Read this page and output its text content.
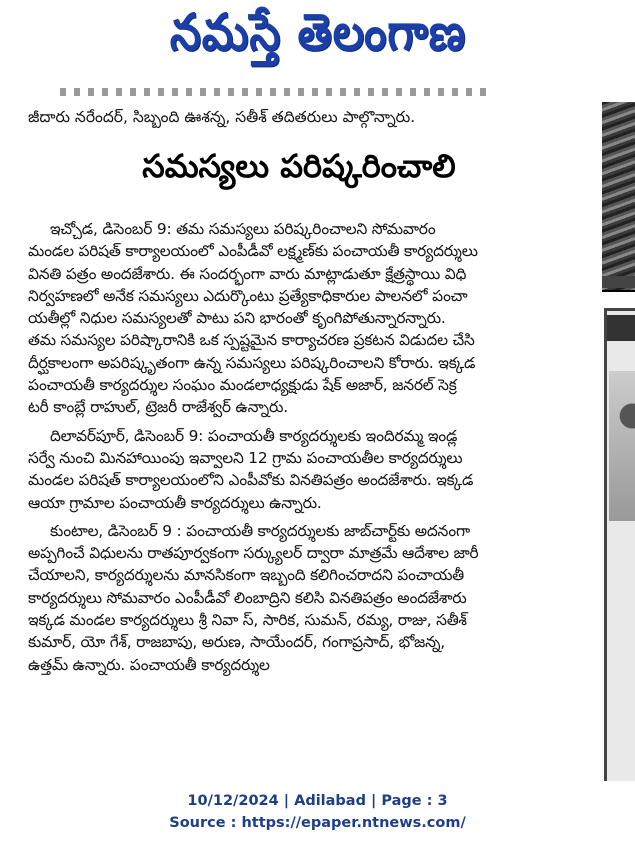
నమస్తే తెలంగాణ
జీదారు నరేందర్, సిబ్బంది ఊశన్న, సతీశ్ తదితరులు పాల్గొన్నారు.
సమస్యలు పరిష్కరించాలి
ఇచ్చోడ, డిసెంబర్ 9: తమ సమస్యలు పరిష్కరించాలని సోమవారం
మండల పరిషత్ కార్యాలయంలో ఎంపీడీవో లక్ష్మణ్‌కు పంచాయతీ కార్యదర్శులు
వినతి పత్రం అందజేశారు. ఈ సందర్భంగా వారు మాట్లాడుతూ క్షేత్రస్థాయి విధి
నిర్వహణలో అనేక సమస్యలు ఎదుర్కొంటు ప్రత్యేకాధికారుల పాలనలో పంచా
యతీల్లో నిధుల సమస్యలతో పాటు పని భారంతో కృంగిపోతున్నారన్నారు.
తమ సమస్యల పరిష్కారానికి ఒక స్పష్టమైన కార్యాచరణ ప్రకటన విడుదల చేసి
దీర్ఘకాలంగా అపరిష్కృతంగా ఉన్న సమస్యలు పరిష్కరించాలని కోరారు. ఇక్కడ
పంచాయతీ కార్యదర్శుల సంఘం మండలాధ్యక్షుడు షేక్ అజార్, జనరల్ సెక్ర
టరీ కాంబ్లే రాహుల్, ట్రెజరీ రాజేశ్వర్ ఉన్నారు.
దిలావర్‌పూర్, డిసెంబర్ 9: పంచాయతీ కార్యదర్శులకు ఇందిరమ్మ ఇండ్ల
సర్వే నుంచి మినహాయింపు ఇవ్వాలని 12 గ్రామ పంచాయతీల కార్యదర్శులు
మండల పరిషత్ కార్యాలయంలోని ఎంపీవోకు వినతిపత్రం అందజేశారు. ఇక్కడ
ఆయా గ్రామాల పంచాయతీ కార్యదర్శులు ఉన్నారు.
కుంటాల, డిసెంబర్ 9 : పంచాయతీ కార్యదర్శులకు జాబ్‌చార్ట్‌కు అదనంగా
అప్పగించే విధులను రాతపూర్వకంగా సర్క్యులర్ ద్వారా మాత్రమే ఆదేశాల జారీ
చేయాలని, కార్యదర్శులను మానసికంగా ఇబ్బంది కలిగించరాదని పంచాయతీ
కార్యదర్శులు సోమవారం ఎంపీడీవో లింబాద్రిని కలిసి వినతిపత్రం అందజేశారు
ఇక్కడ మండల కార్యదర్శులు శ్రీ నివా స్, సారిక, సుమన్, రమ్య, రాజు, సతీశ్
కుమార్, యో గేశ్, రాజబాపు, అరుణ, సాయేందర్, గంగాప్రసాద్, భోజన్న,
ఉత్తమ్ ఉన్నారు. పంచాయతీ కార్యదర్శుల
10/12/2024 | Adilabad | Page : 3
Source : https://epaper.ntnews.com/
